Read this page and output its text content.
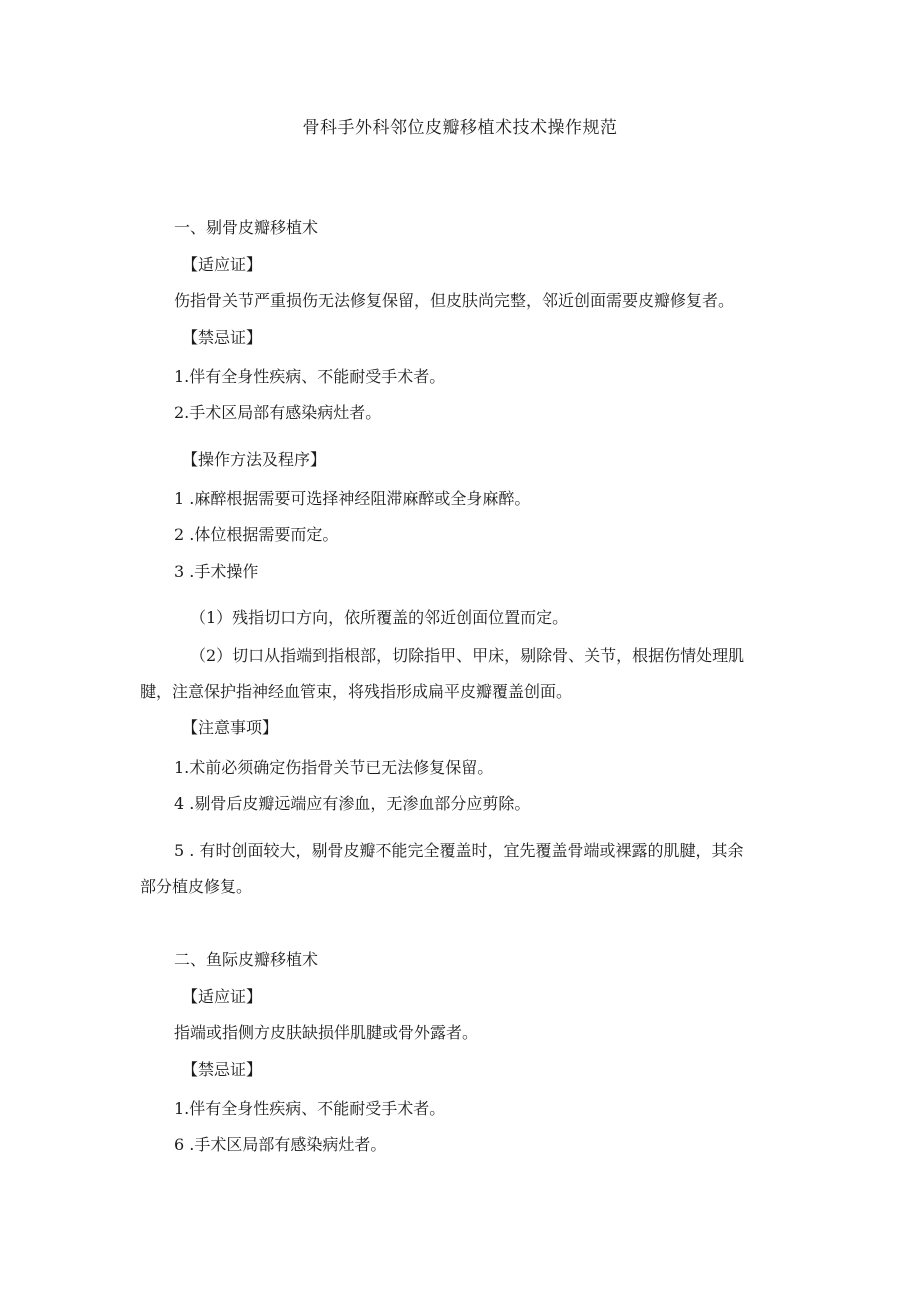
骨科手外科邻位皮瓣移植术技术操作规范
一、剔骨皮瓣移植术
【适应证】
伤指骨关节严重损伤无法修复保留，但皮肤尚完整，邻近创面需要皮瓣修复者。
【禁忌证】
1.伴有全身性疾病、不能耐受手术者。
2.手术区局部有感染病灶者。
【操作方法及程序】
1 .麻醉根据需要可选择神经阻滞麻醉或全身麻醉。
2 .体位根据需要而定。
3 .手术操作
（1）残指切口方向，依所覆盖的邻近创面位置而定。
（2）切口从指端到指根部，切除指甲、甲床，剔除骨、关节，根据伤情处理肌
腱，注意保护指神经血管束，将残指形成扁平皮瓣覆盖创面。
【注意事项】
1.术前必须确定伤指骨关节已无法修复保留。
4 .剔骨后皮瓣远端应有渗血，无渗血部分应剪除。
5 . 有时创面较大，剔骨皮瓣不能完全覆盖时，宜先覆盖骨端或裸露的肌腱，其余
部分植皮修复。
二、鱼际皮瓣移植术
【适应证】
指端或指侧方皮肤缺损伴肌腱或骨外露者。
【禁忌证】
1.伴有全身性疾病、不能耐受手术者。
6 .手术区局部有感染病灶者。
